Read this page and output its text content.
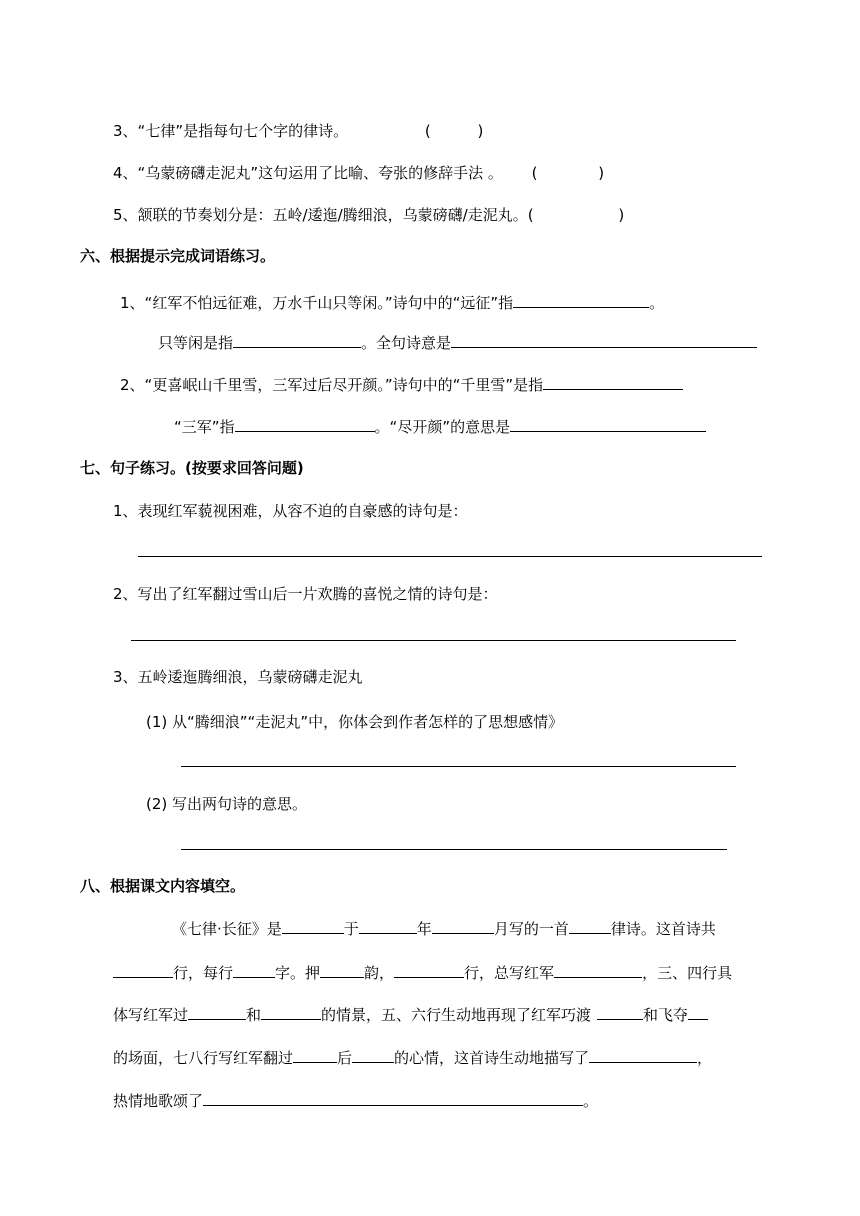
3、“七律”是指每句七个字的律诗。	(	)
4、“乌蒙磅礴走泥丸”这句运用了比喻、夸张的修辞手法 。 (	)
5、颔联的节奏划分是：五岭/逶迤/腾细浪，乌蒙磅礴/走泥丸。(	)
六、根据提示完成词语练习。
1、“红军不怕远征难，万水千山只等闲。”诗句中的“远征”指	。
只等闲是指	。全句诗意是
2、“更喜岷山千里雪，三军过后尽开颜。”诗句中的“千里雪”是指
“三军”指	。“尽开颜”的意思是
七、句子练习。(按要求回答问题)
1、表现红军藐视困难，从容不迫的自豪感的诗句是：
2、写出了红军翻过雪山后一片欢腾的喜悦之情的诗句是：
3、五岭逶迤腾细浪，乌蒙磅礴走泥丸
(1) 从“腾细浪”“走泥丸”中，你体会到作者怎样的了思想感情》
(2) 写出两句诗的意思。
八、根据课文内容填空。
《七律·长征》是	于	年	月写的一首	律诗。这首诗共
行，每行	字。押	韵，	行，总写红军	，三、四行具
体写红军过	和	的情景，五、六行生动地再现了红军巧渡	和飞夺
的场面，七八行写红军翻过	后	的心情，这首诗生动地描写了	，
热情地歌颂了	。
